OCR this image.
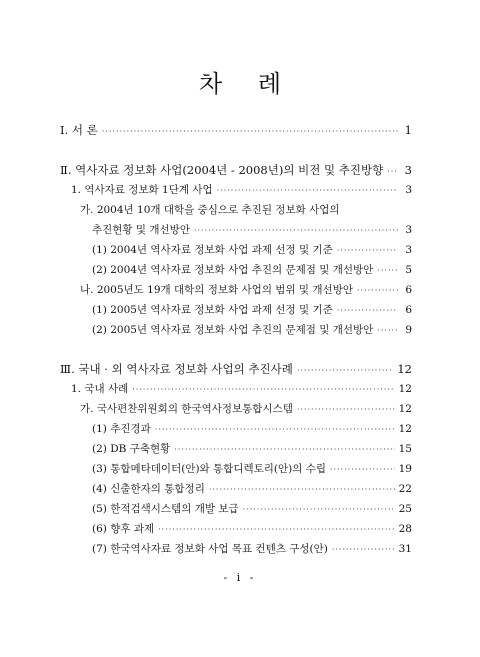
차 례
Ⅰ. 서 론 ·····	1
Ⅱ. 역사자료 정보화 사업(2004년 - 2008년)의 비전 및 추진방향 ····· 3
1. 역사자료 정보화 1단계 사업 ·····	3
가. 2004년 10개 대학을 중심으로 추진된 정보화 사업의
추진현황 및 개선방안 ·····	3
(1) 2004년 역사자료 정보화 사업 과제 선정 및 기준 ·····	3
(2) 2004년 역사자료 정보화 사업 추진의 문제점 및 개선방안 ·····	5
나. 2005년도 19개 대학의 정보화 사업의 범위 및 개선방안 ·····	6
(1) 2005년 역사자료 정보화 사업 과제 선정 및 기준 ·····	6
(2) 2005년 역사자료 정보화 사업 추진의 문제점 및 개선방안 ·····	9
Ⅲ. 국내 · 외 역사자료 정보화 사업의 추진사례 ·····	12
1. 국내 사례 ·····	12
가. 국사편찬위원회의 한국역사정보통합시스템 ·····	12
(1) 추진경과 ·····	12
(2) DB 구축현황 ·····	15
(3) 통합메타데이터(안)와 통합디렉토리(안)의 수립 ·····	19
(4) 신출한자의 통합정리 ·····	22
(5) 한적검색시스템의 개발 보급 ·····	25
(6) 향후 과제 ·····	28
(7) 한국역사자료 정보화 사업 목표 컨텐츠 구성(안) ·····	31
- i -
